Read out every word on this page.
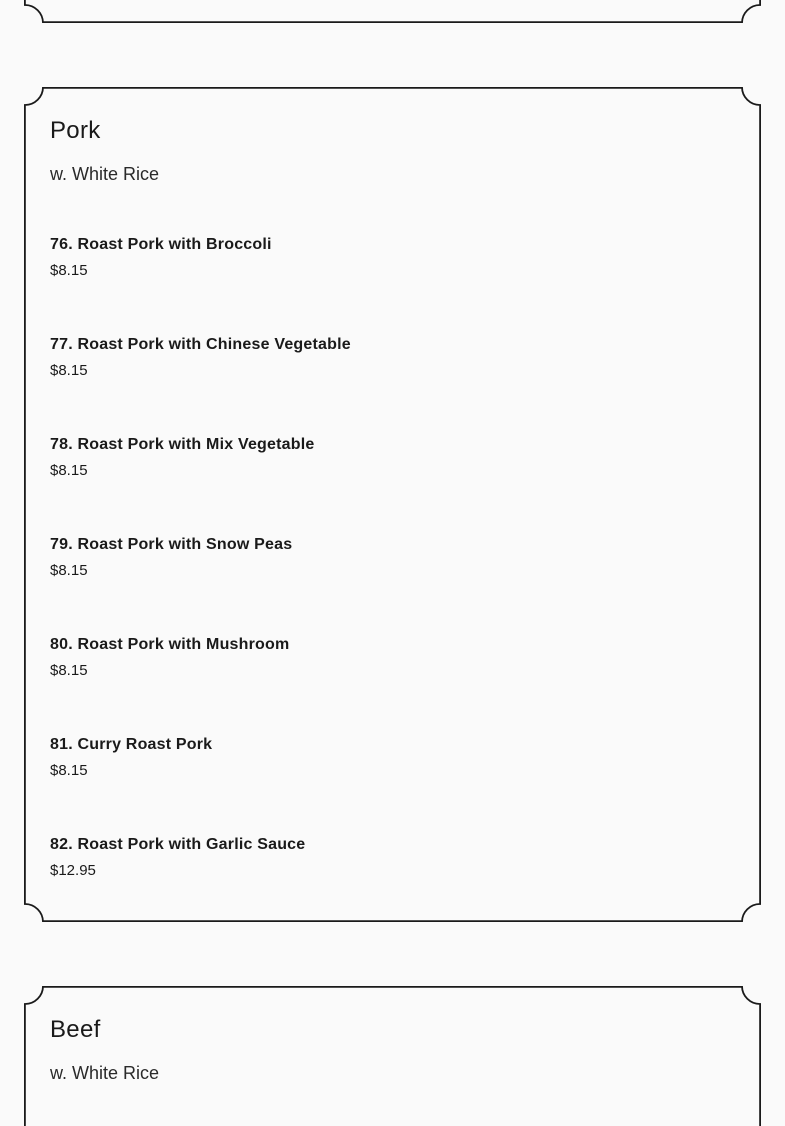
Pork
w. White Rice
76. Roast Pork with Broccoli
$8.15
77. Roast Pork with Chinese Vegetable
$8.15
78. Roast Pork with Mix Vegetable
$8.15
79. Roast Pork with Snow Peas
$8.15
80. Roast Pork with Mushroom
$8.15
81. Curry Roast Pork
$8.15
82. Roast Pork with Garlic Sauce
$12.95
Beef
w. White Rice
